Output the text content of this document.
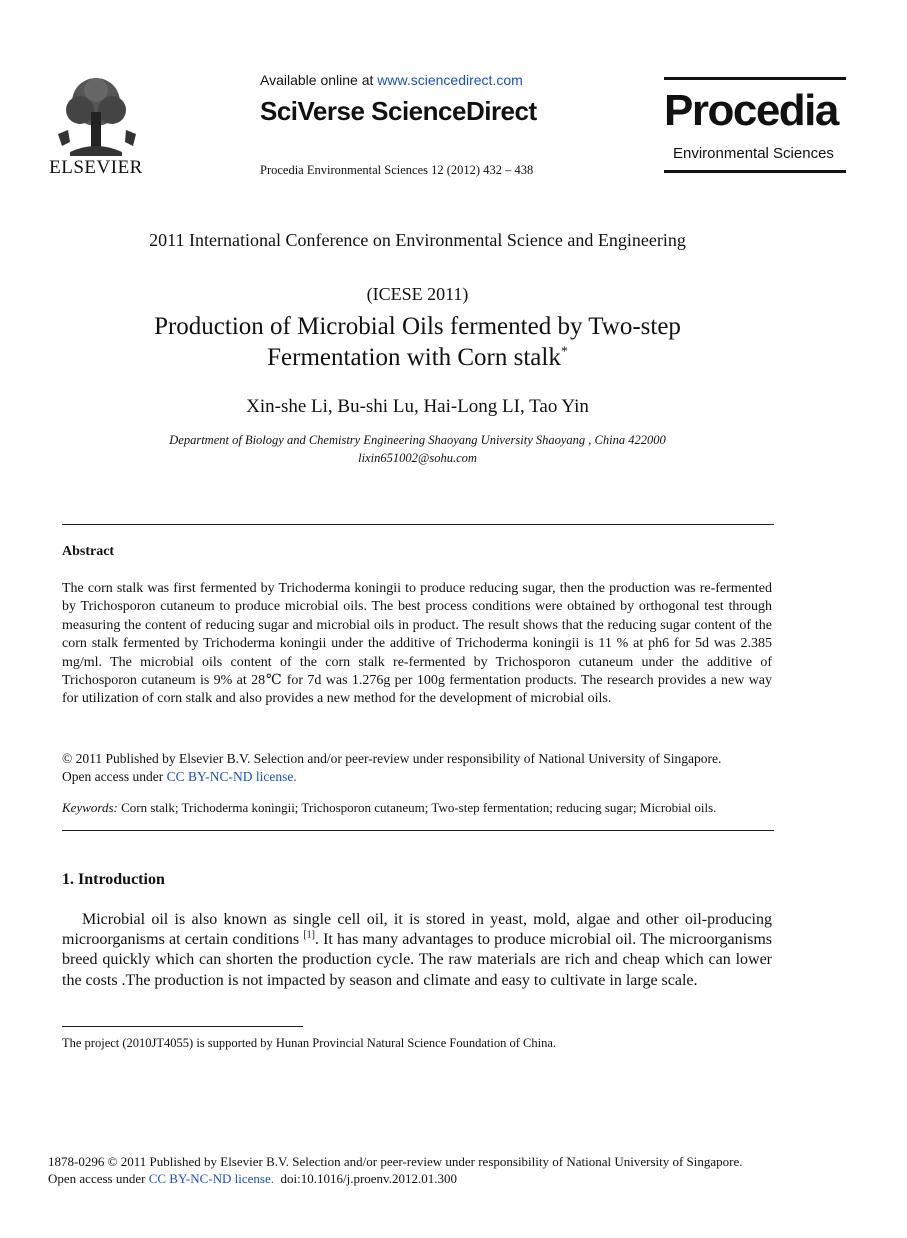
ELSEVIER
Available online at www.sciencedirect.com
SciVerse ScienceDirect
Procedia Environmental Sciences 12 (2012) 432 – 438
Procedia
Environmental Sciences
2011 International Conference on Environmental Science and Engineering
(ICESE 2011)
Production of Microbial Oils fermented by Two-step
Fermentation with Corn stalk*
Xin-she Li, Bu-shi Lu, Hai-Long LI, Tao Yin
Department of Biology and Chemistry Engineering Shaoyang University Shaoyang , China 422000
lixin651002@sohu.com
Abstract
The corn stalk was first fermented by Trichoderma koningii to produce reducing sugar, then the production was re-fermented by Trichosporon cutaneum to produce microbial oils. The best process conditions were obtained by orthogonal test through measuring the content of reducing sugar and microbial oils in product. The result shows that the reducing sugar content of the corn stalk fermented by Trichoderma koningii under the additive of Trichoderma koningii is 11 % at ph6 for 5d was 2.385 mg/ml. The microbial oils content of the corn stalk re-fermented by Trichosporon cutaneum under the additive of Trichosporon cutaneum is 9% at 28℃ for 7d was 1.276g per 100g fermentation products. The research provides a new way for utilization of corn stalk and also provides a new method for the development of microbial oils.
© 2011 Published by Elsevier B.V. Selection and/or peer-review under responsibility of National University of Singapore.
Open access under CC BY-NC-ND license.
Keywords: Corn stalk; Trichoderma koningii; Trichosporon cutaneum; Two-step fermentation; reducing sugar; Microbial oils.
1. Introduction
Microbial oil is also known as single cell oil, it is stored in yeast, mold, algae and other oil-producing microorganisms at certain conditions [1]. It has many advantages to produce microbial oil. The microorganisms breed quickly which can shorten the production cycle. The raw materials are rich and cheap which can lower the costs .The production is not impacted by season and climate and easy to cultivate in large scale.
The project (2010JT4055) is supported by Hunan Provincial Natural Science Foundation of China.
1878-0296 © 2011 Published by Elsevier B.V. Selection and/or peer-review under responsibility of National University of Singapore.
Open access under CC BY-NC-ND license. doi:10.1016/j.proenv.2012.01.300
